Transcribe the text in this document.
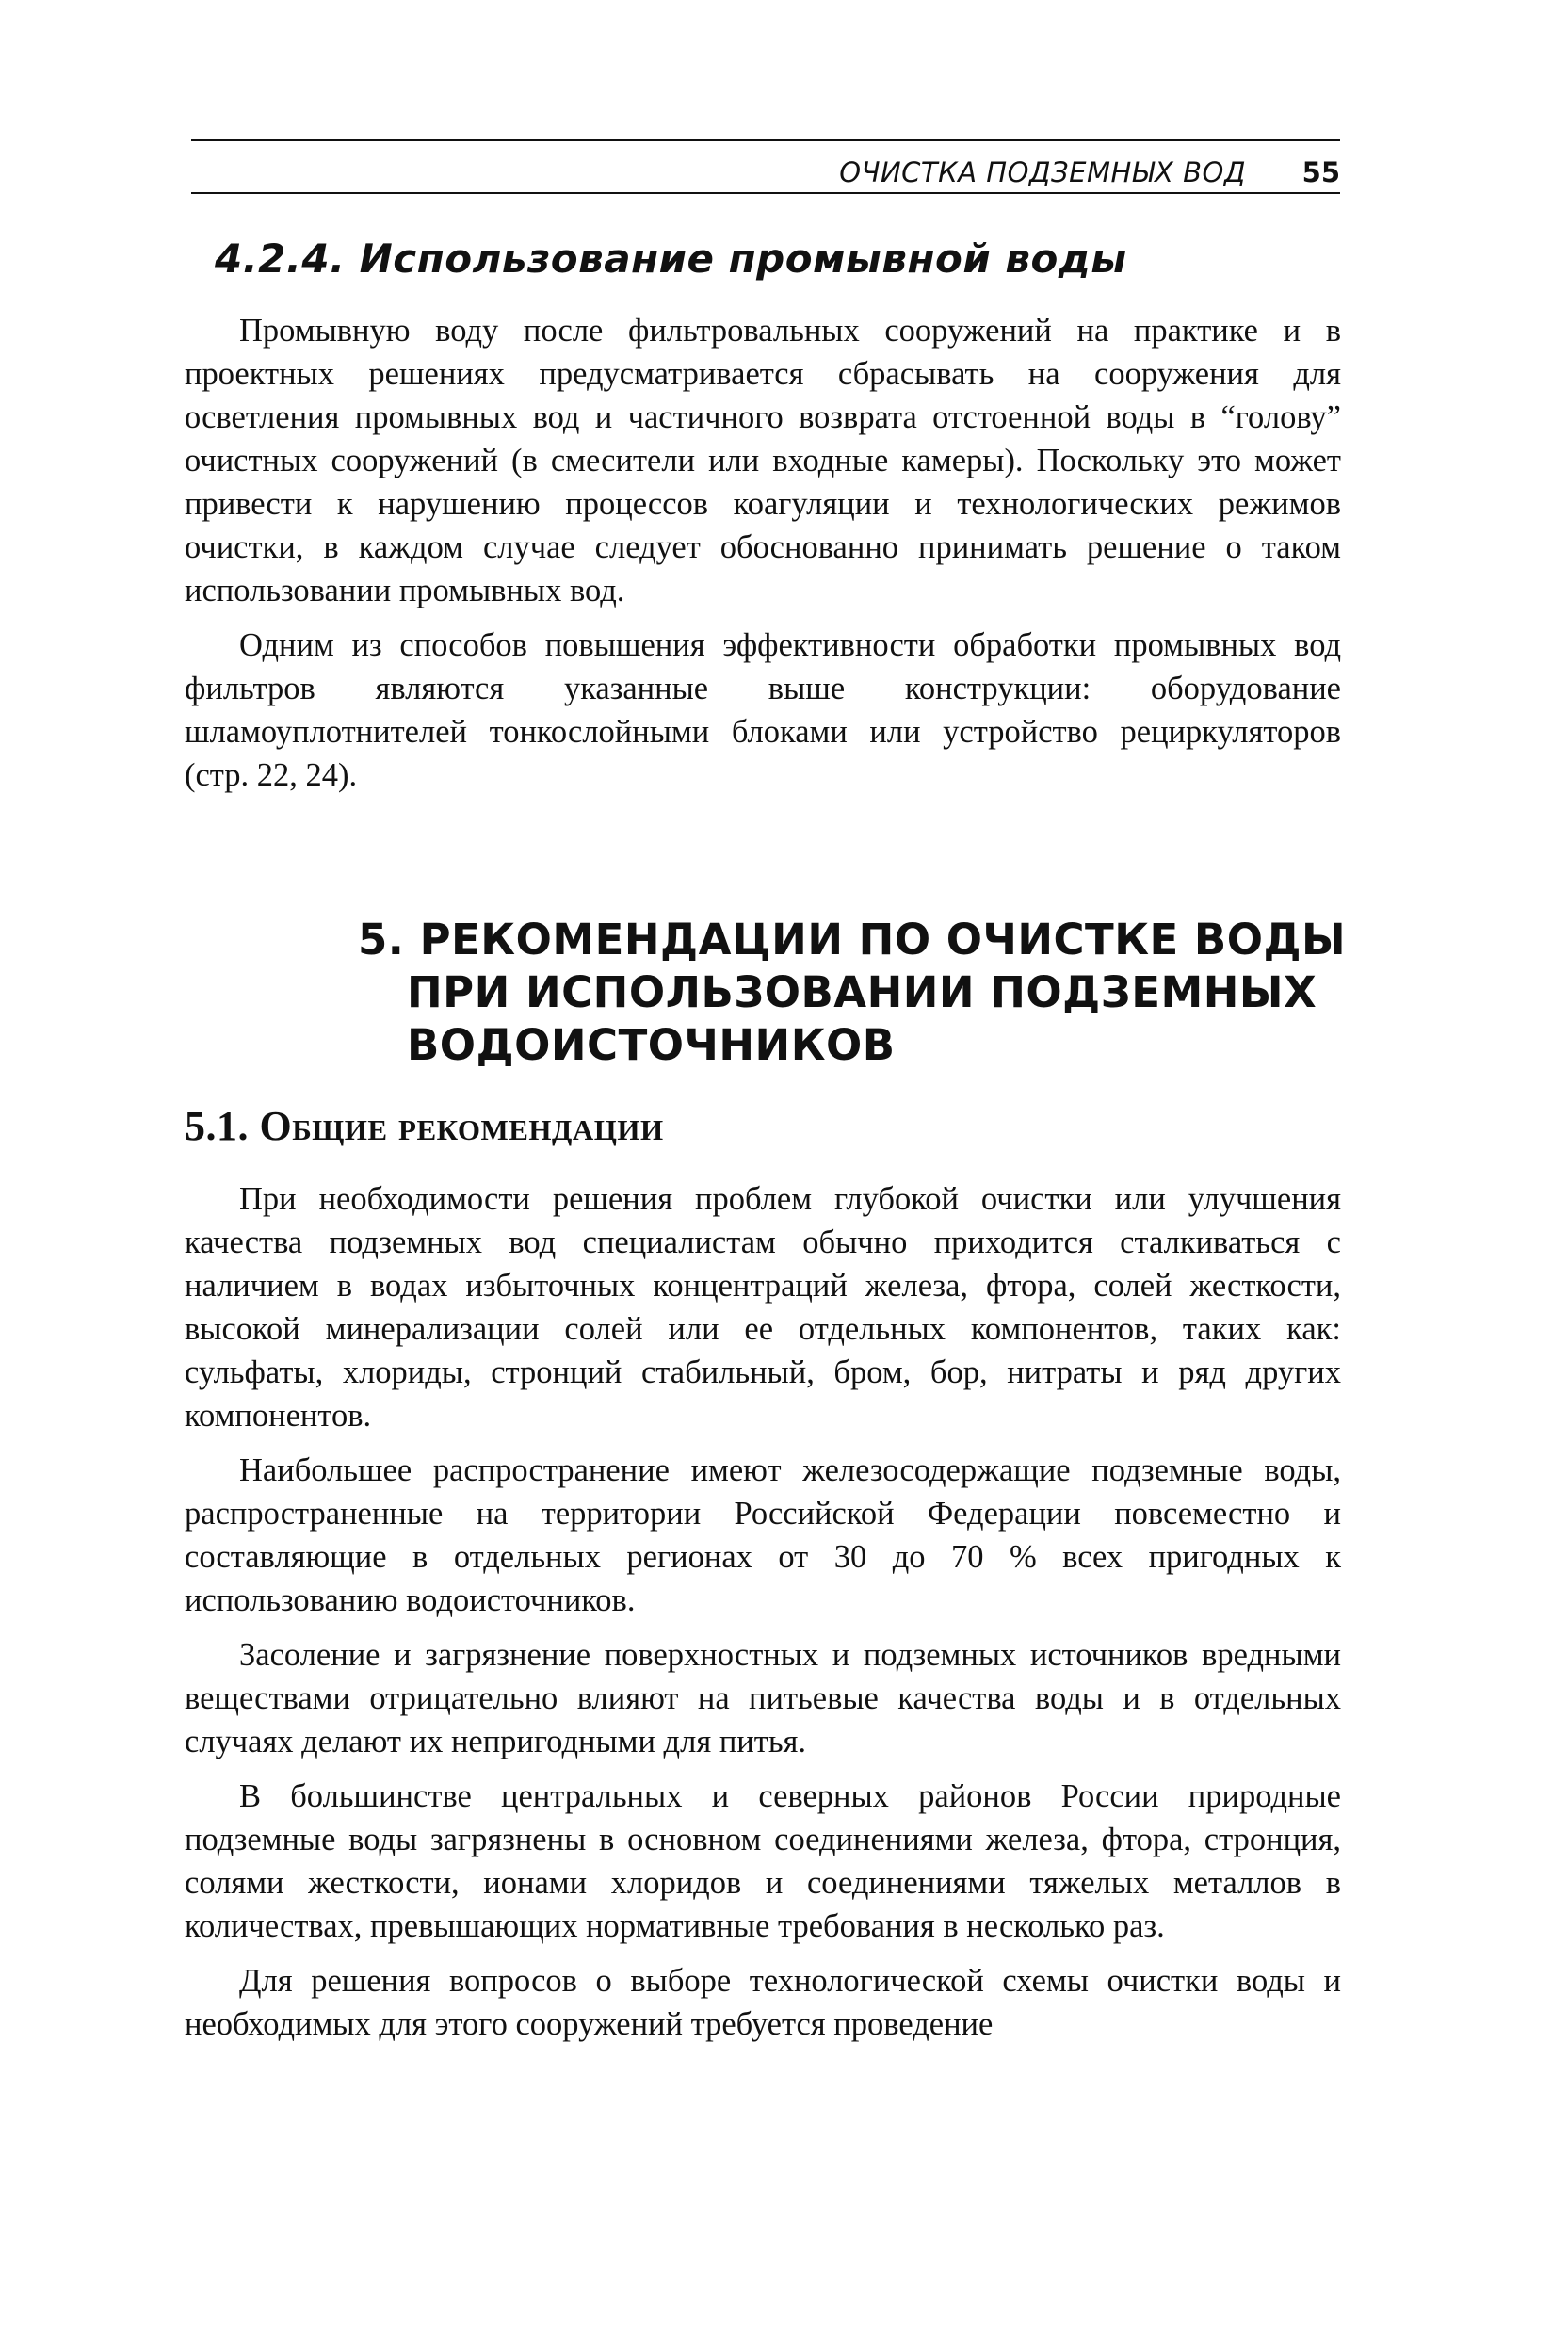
ОЧИСТКА ПОДЗЕМНЫХ ВОД 55
4.2.4. Использование промывной воды

Промывную воду после фильтровальных сооружений на практике и в проектных решениях предусматривается сбрасывать на сооружения для осветления промывных вод и частичного возврата отстоенной воды в “голову” очистных сооружений (в смесители или входные камеры). Поскольку это может привести к нарушению процессов коагуляции и технологических режимов очистки, в каждом случае следует обоснованно принимать решение о таком использовании промывных вод.

Одним из способов повышения эффективности обработки промывных вод фильтров являются указанные выше конструкции: оборудование шламоуплотнителей тонкослойными блоками или устройство рециркуляторов (стр. 22, 24).

5. РЕКОМЕНДАЦИИ ПО ОЧИСТКЕ ВОДЫ
ПРИ ИСПОЛЬЗОВАНИИ ПОДЗЕМНЫХ
ВОДОИСТОЧНИКОВ
5.1. Общие рекомендации

При необходимости решения проблем глубокой очистки или улучшения качества подземных вод специалистам обычно приходится сталкиваться с наличием в водах избыточных концентраций железа, фтора, солей жесткости, высокой минерализации солей или ее отдельных компонентов, таких как: сульфаты, хлориды, стронций стабильный, бром, бор, нитраты и ряд других компонентов.

Наибольшее распространение имеют железосодержащие подземные воды, распространенные на территории Российской Федерации повсеместно и составляющие в отдельных регионах от 30 до 70 % всех пригодных к использованию водоисточников.

Засоление и загрязнение поверхностных и подземных источников вредными веществами отрицательно влияют на питьевые качества воды и в отдельных случаях делают их непригодными для питья.

В большинстве центральных и северных районов России природные подземные воды загрязнены в основном соединениями железа, фтора, стронция, солями жесткости, ионами хлоридов и соединениями тяжелых металлов в количествах, превышающих нормативные требования в несколько раз.

Для решения вопросов о выборе технологической схемы очистки воды и необходимых для этого сооружений требуется проведение
